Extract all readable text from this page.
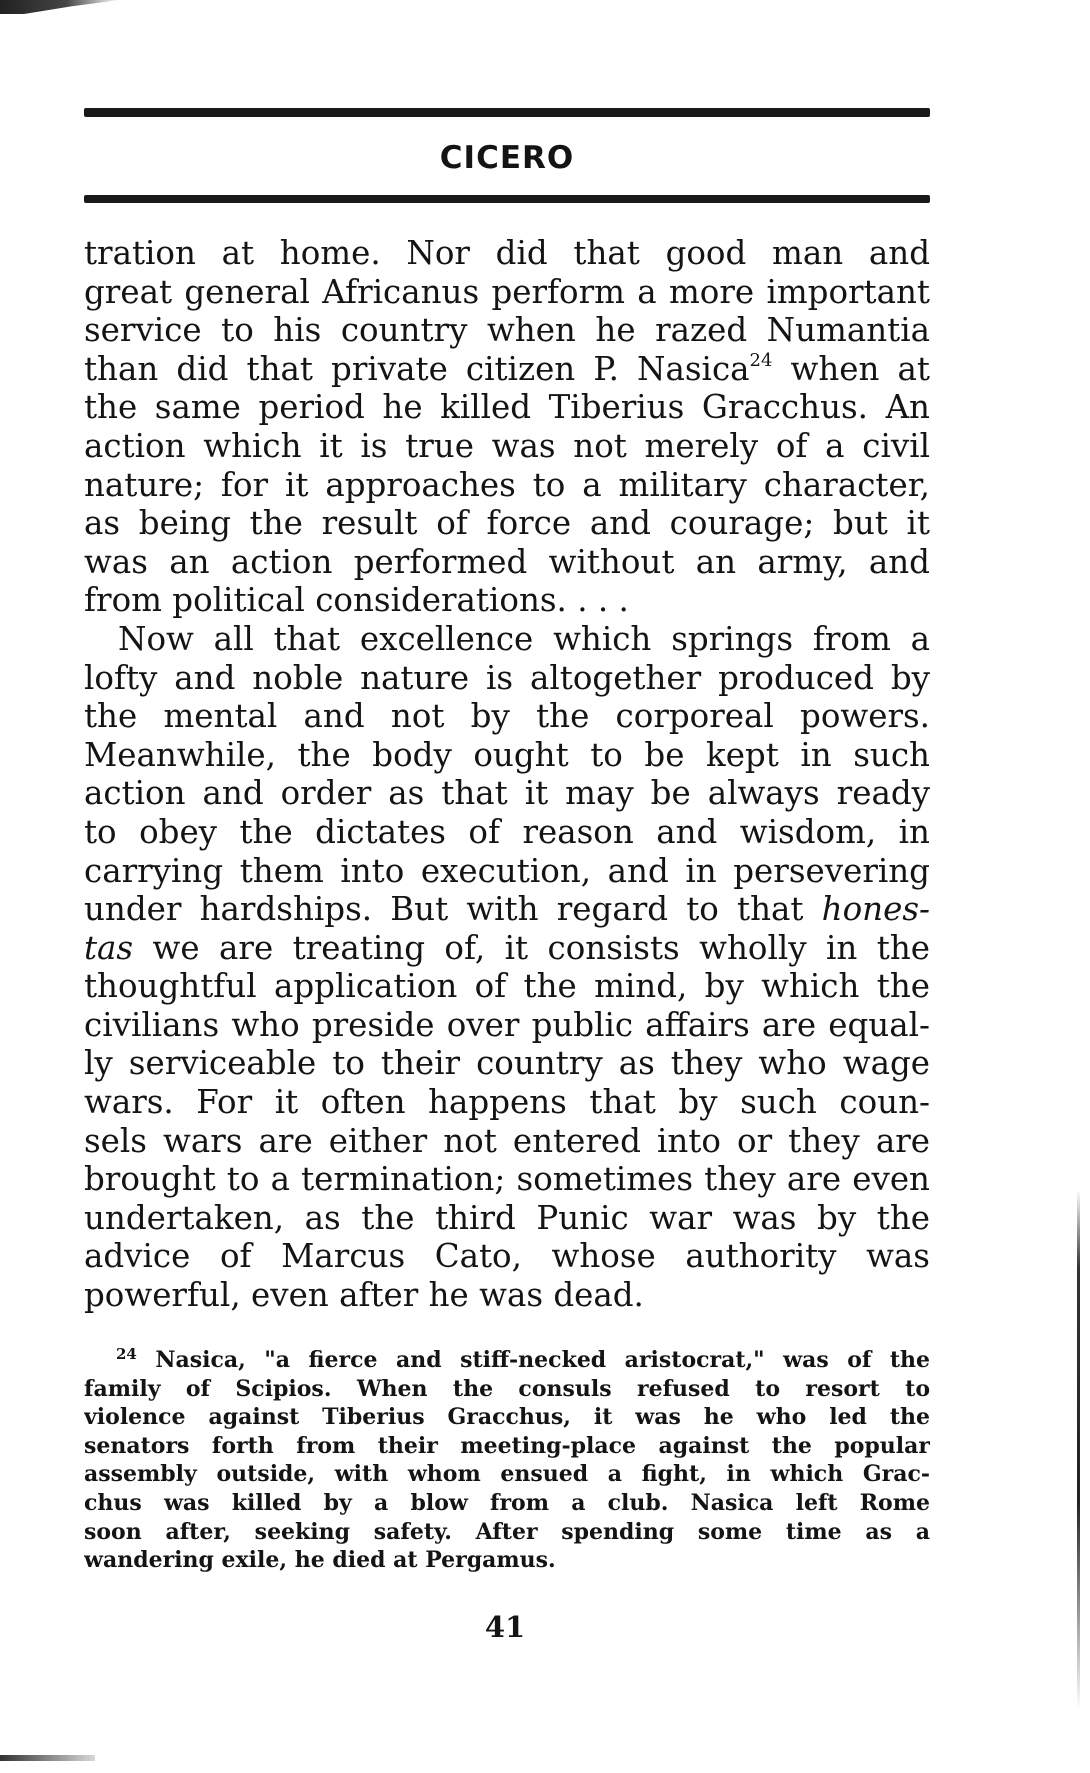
CICERO
tration at home. Nor did that good man and
great general Africanus perform a more important
service to his country when he razed Numantia
than did that private citizen P. Nasica$^{24}$ when at
the same period he killed Tiberius Gracchus. An
action which it is true was not merely of a civil
nature; for it approaches to a military character,
as being the result of force and courage; but it
was an action performed without an army, and
from political considerations. . . .
Now all that excellence which springs from a
lofty and noble nature is altogether produced by
the mental and not by the corporeal powers.
Meanwhile, the body ought to be kept in such
action and order as that it may be always ready
to obey the dictates of reason and wisdom, in
carrying them into execution, and in persevering
under hardships. But with regard to that hones-
tas we are treating of, it consists wholly in the
thoughtful application of the mind, by which the
civilians who preside over public affairs are equal-
ly serviceable to their country as they who wage
wars. For it often happens that by such coun-
sels wars are either not entered into or they are
brought to a termination; sometimes they are even
undertaken, as the third Punic war was by the
advice of Marcus Cato, whose authority was
powerful, even after he was dead.
$^{24}$ Nasica, "a fierce and stiff-necked aristocrat," was of the
family of Scipios. When the consuls refused to resort to
violence against Tiberius Gracchus, it was he who led the
senators forth from their meeting-place against the popular
assembly outside, with whom ensued a fight, in which Grac-
chus was killed by a blow from a club. Nasica left Rome
soon after, seeking safety. After spending some time as a
wandering exile, he died at Pergamus.
41
